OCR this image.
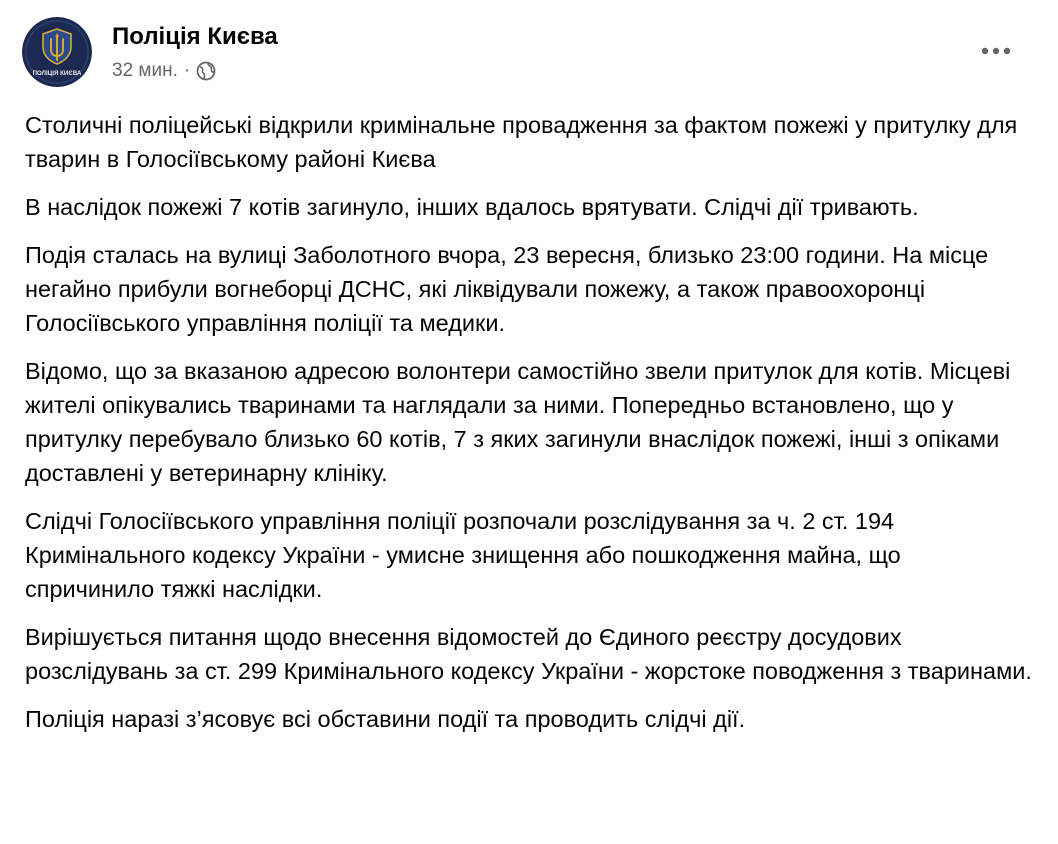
ПОЛІЦІЯ КИЄВА
Поліція Києва
32 мин. ·

Столичні поліцейські відкрили кримінальне провадження за фактом пожежі у притулку для тварин в Голосіївському районі Києва

В наслідок пожежі 7 котів загинуло, інших вдалось врятувати. Слідчі дії тривають.

Подія сталась на вулиці Заболотного вчора, 23 вересня, близько 23:00 години. На місце негайно прибули вогнеборці ДСНС, які ліквідували пожежу, а також правоохоронці Голосіївського управління поліції та медики.

Відомо, що за вказаною адресою волонтери самостійно звели притулок для котів. Місцеві жителі опікувались тваринами та наглядали за ними. Попередньо встановлено, що у притулку перебувало близько 60 котів, 7 з яких загинули внаслідок пожежі, інші з опіками доставлені у ветеринарну клініку.

Слідчі Голосіївського управління поліції розпочали розслідування за ч. 2 ст. 194 Кримінального кодексу України - умисне знищення або пошкодження майна, що спричинило тяжкі наслідки.

Вирішується питання щодо внесення відомостей до Єдиного реєстру досудових розслідувань за ст. 299 Кримінального кодексу України - жорстоке поводження з тваринами.

Поліція наразі з’ясовує всі обставини події та проводить слідчі дії.
